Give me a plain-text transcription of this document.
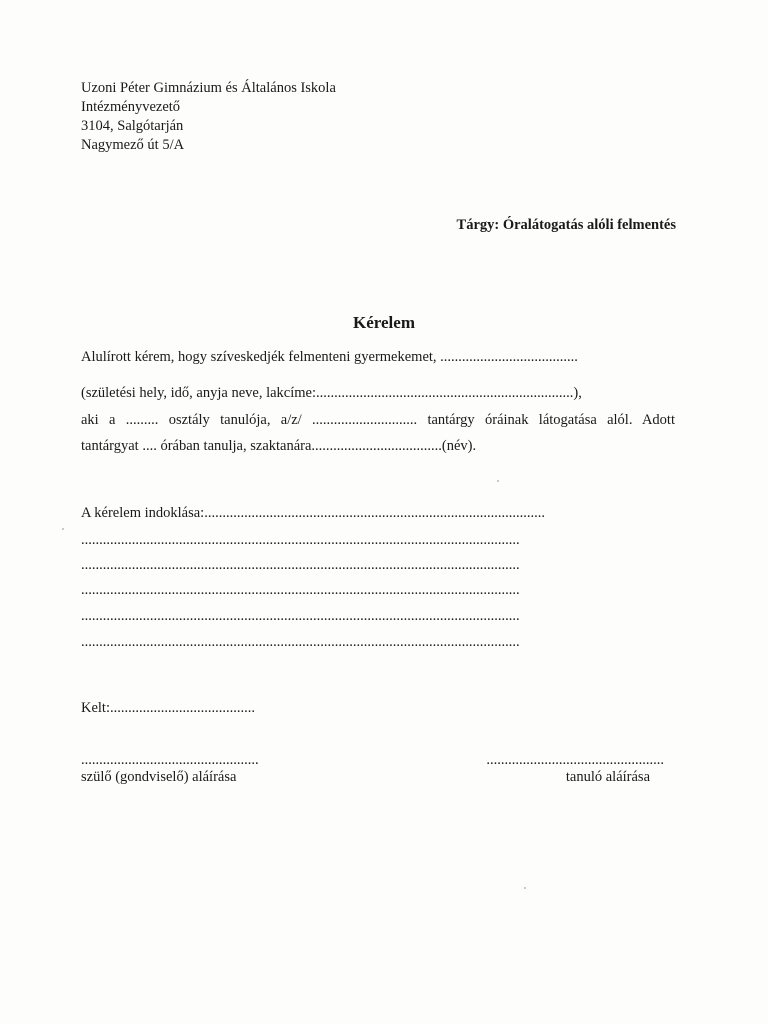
Uzoni Péter Gimnázium és Általános Iskola
Intézményvezető
3104, Salgótarján
Nagymező út 5/A
Tárgy: Óralátogatás alóli felmentés
Kérelem
Alulírott kérem, hogy szíveskedjék felmenteni gyermekemet, ......................................
(születési hely, idő, anyja neve, lakcíme:.......................................................................),
aki a ......... osztály tanulója, a/z/ ............................. tantárgy óráinak látogatása alól. Adott
tantárgyat .... órában tanulja, szaktanára....................................(név).
A kérelem indoklása:..............................................................................................
.........................................................................................................................
.........................................................................................................................
.........................................................................................................................
.........................................................................................................................
.........................................................................................................................
Kelt:........................................
.................................................
szülő (gondviselő) aláírása
.................................................
tanuló aláírása
